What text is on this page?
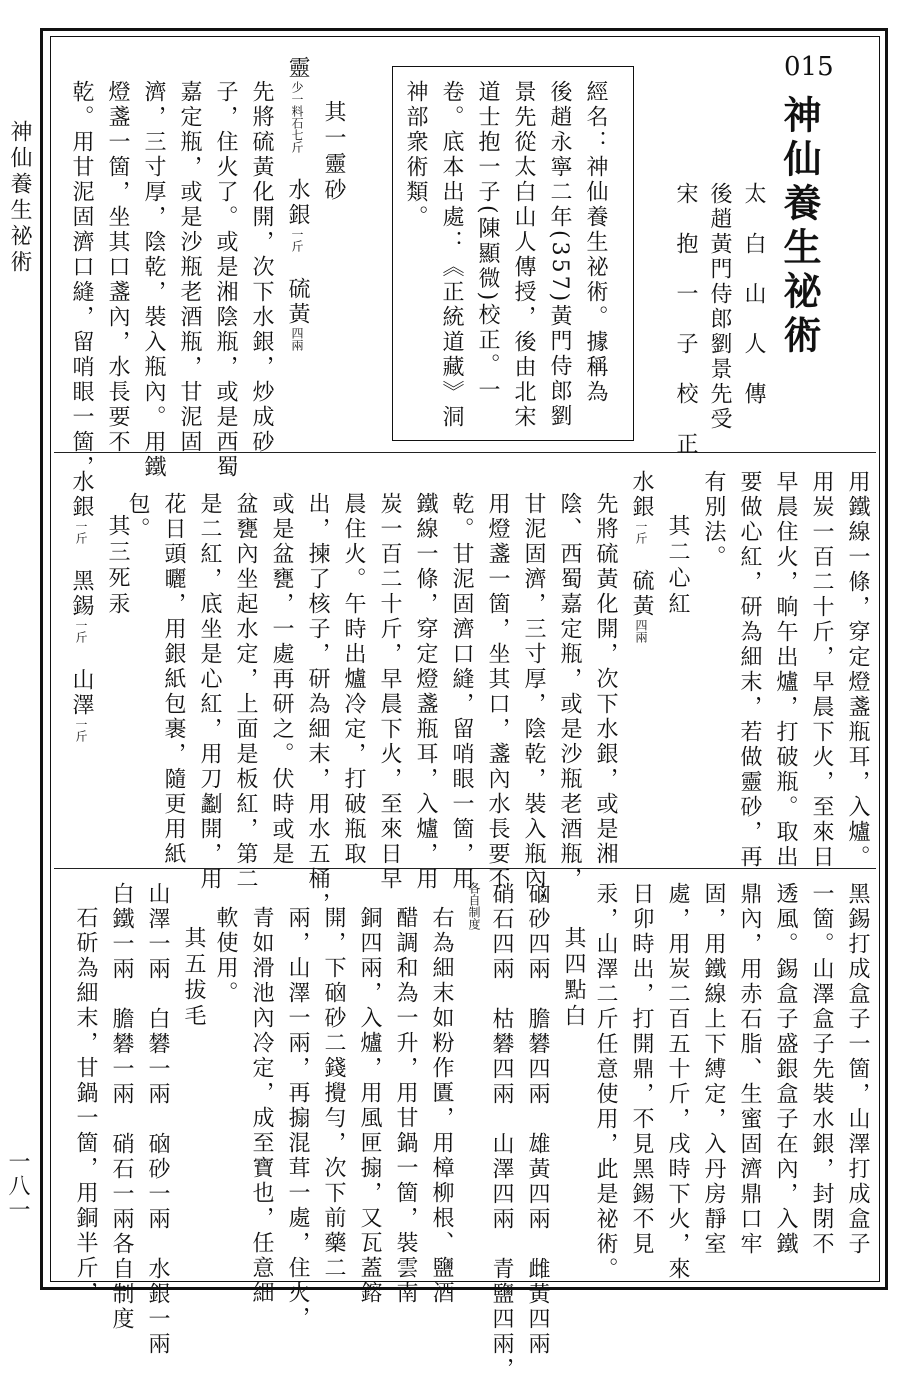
神仙養生祕術
一八一
015
神仙養生祕術
太　白　山　人　傳
後趙黃門侍郎劉景先受
宋　抱　一　子　校　正
經名：神仙養生祕術。據稱為
後趙永寧二年(357)黃門侍郎劉
景先從太白山人傳授，後由北宋
道士抱一子(陳顯微)校正。一
卷。底本出處：《正統道藏》洞
神部衆術類。
其一靈砂
靈少一料石七斤　水銀一斤　硫黃四兩
先將硫黃化開，次下水銀，炒成砂
子，住火了。或是湘陰瓶，或是西蜀
嘉定瓶，或是沙瓶老酒瓶，甘泥固
濟，三寸厚，陰乾，裝入瓶內。用鐵
燈盞一箇，坐其口盞內，水長要不
乾。用甘泥固濟口縫，留哨眼一箇，
用鐵線一條，穿定燈盞瓶耳，入爐。
用炭一百二十斤，早晨下火，至來日
早晨住火，晌午出爐，打破瓶。取出
要做心紅，研為細末，若做靈砂，再
有別法。
其二心紅
水銀一斤　硫黃四兩
先將硫黃化開，次下水銀，或是湘
陰、西蜀嘉定瓶，或是沙瓶老酒瓶，
甘泥固濟，三寸厚，陰乾，裝入瓶內，
用燈盞一箇，坐其口，盞內水長要不
乾。甘泥固濟口縫，留哨眼一箇，用
鐵線一條，穿定燈盞瓶耳，入爐，用
炭一百二十斤，早晨下火，至來日早
晨住火。午時出爐冷定，打破瓶取
出，揀了核子，研為細末，用水五桶，
或是盆甕，一處再研之。伏時或是
盆甕內坐起水定，上面是板紅，第二
是二紅，底坐是心紅，用刀劙開，用
花日頭曬，用銀紙包裹，隨更用紙
包。
其三死汞
水銀一斤　黑錫一斤　山澤一斤
黑錫打成盒子一箇，山澤打成盒子
一箇。山澤盒子先裝水銀，封閉不
透風。錫盒子盛銀盒子在內，入鐵
鼎內，用赤石脂、生蜜固濟鼎口牢
固，用鐵線上下縛定，入丹房靜室
處，用炭二百五十斤，戌時下火，來
日卯時出，打開鼎，不見黑錫不見
汞，山澤二斤任意使用，此是祕術。
其四點白
硇砂四兩　膽礬四兩　雄黃四兩　雌黃四兩
硝石四兩　枯礬四兩　山澤四兩　青鹽四兩，
各自制度
右為細末如粉作匱，用樟柳根、鹽酒
醋調和為一升，用甘鍋一箇，裝雲南
銅四兩，入爐，用風匣搧，又瓦蓋鎔
開，下硇砂二錢攪勻，次下前藥二
兩，山澤一兩，再搧混茸一處，住火，
青如滑池內冷定，成至寶也，任意細
軟使用。
其五拔毛
山澤一兩　白礬一兩　硇砂一兩　水銀一兩
白鐵一兩　膽礬一兩　硝石一兩各自制度
石斫為細末，甘鍋一箇，用銅半斤，
